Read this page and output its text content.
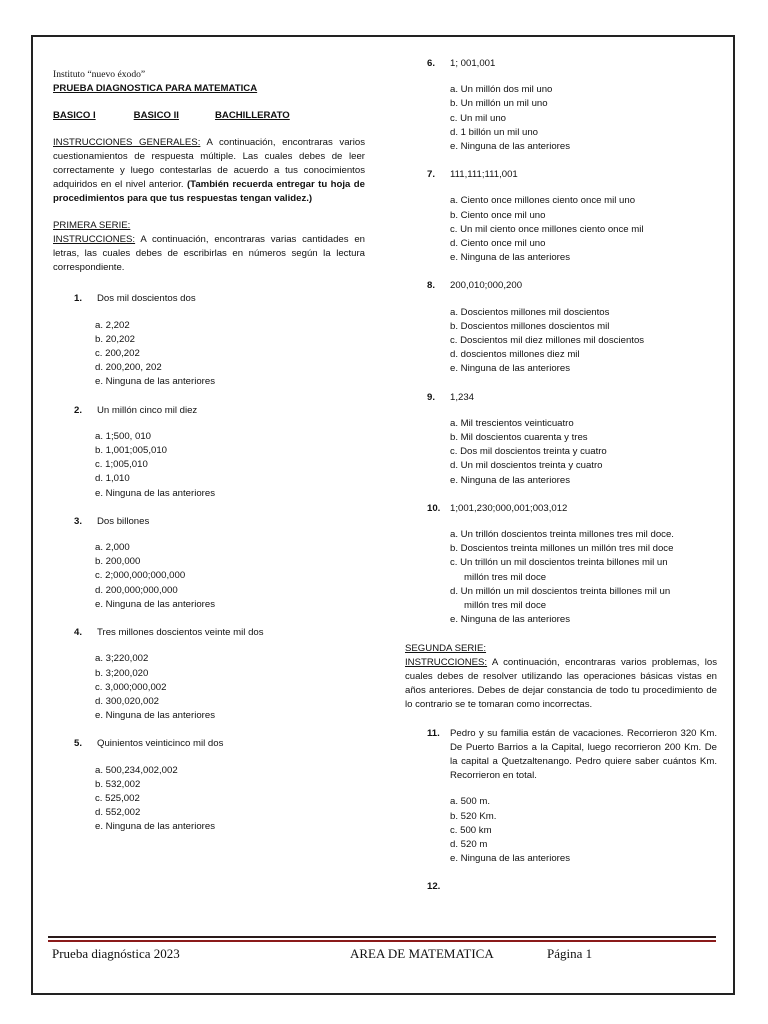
Instituto “nuevo éxodo”

PRUEBA DIAGNOSTICA PARA MATEMATICA

BASICO I	BASICO II	BACHILLERATO

INSTRUCCIONES GENERALES: A continuación, encontraras varios cuestionamientos de respuesta múltiple. Las cuales debes de leer correctamente y luego contestarlas de acuerdo a tus conocimientos adquiridos en el nivel anterior. (También recuerda entregar tu hoja de procedimientos para que tus respuestas tengan validez.)

PRIMERA SERIE:

INSTRUCCIONES: A continuación, encontraras varias cantidades en letras, las cuales debes de escribirlas en números según la lectura correspondiente.

1.	Dos mil doscientos dos
a. 2,202
b. 20,202
c. 200,202
d. 200,200, 202
e. Ninguna de las anteriores
2.	Un millón cinco mil diez
a. 1;500, 010
b. 1,001;005,010
c. 1;005,010
d. 1,010
e. Ninguna de las anteriores
3.	Dos billones
a. 2,000
b. 200,000
c. 2;000,000;000,000
d. 200,000;000,000
e. Ninguna de las anteriores
4.	Tres millones doscientos veinte mil dos
a. 3;220,002
b. 3;200,020
c. 3,000;000,002
d. 300,020,002
e. Ninguna de las anteriores
5.	Quinientos veinticinco mil dos
a. 500,234,002,002
b. 532,002
c. 525,002
d. 552,002
e. Ninguna de las anteriores
6.	1; 001,001
a. Un millón dos mil uno
b. Un millón un mil uno
c. Un mil uno
d. 1 billón un mil uno
e. Ninguna de las anteriores
7.	111,111;111,001
a. Ciento once millones ciento once mil uno
b. Ciento once mil uno
c. Un mil ciento once millones ciento once mil
d. Ciento once mil uno
e. Ninguna de las anteriores
8.	200,010;000,200
a. Doscientos millones mil doscientos
b. Doscientos millones doscientos mil
c. Doscientos mil diez millones mil doscientos
d. doscientos millones diez mil
e. Ninguna de las anteriores
9.	1,234
a. Mil trescientos veinticuatro
b. Mil doscientos cuarenta y tres
c. Dos mil doscientos treinta y cuatro
d. Un mil doscientos treinta y cuatro
e. Ninguna de las anteriores
10.	1;001,230;000,001;003,012
a. Un trillón doscientos treinta millones tres mil doce.
b. Doscientos treinta millones un millón tres mil doce
c. Un trillón un mil doscientos treinta billones mil un millón tres mil doce
d. Un millón un mil doscientos treinta billones mil un millón tres mil doce
e. Ninguna de las anteriores

SEGUNDA SERIE:

INSTRUCCIONES: A continuación, encontraras varios problemas, los cuales debes de resolver utilizando las operaciones básicas vistas en años anteriores. Debes de dejar constancia de todo tu procedimiento de lo contrario se te tomaran como incorrectas.

11.	Pedro y su familia están de vacaciones. Recorrieron 320 Km. De Puerto Barrios a la Capital, luego recorrieron 200 Km. De la capital a Quetzaltenango. Pedro quiere saber cuántos Km. Recorrieron en total.
a. 500 m.
b. 520 Km.
c. 500 km
d. 520 m
e. Ninguna de las anteriores
12.
Prueba diagnóstica 2023	AREA DE MATEMATICA	Página 1
